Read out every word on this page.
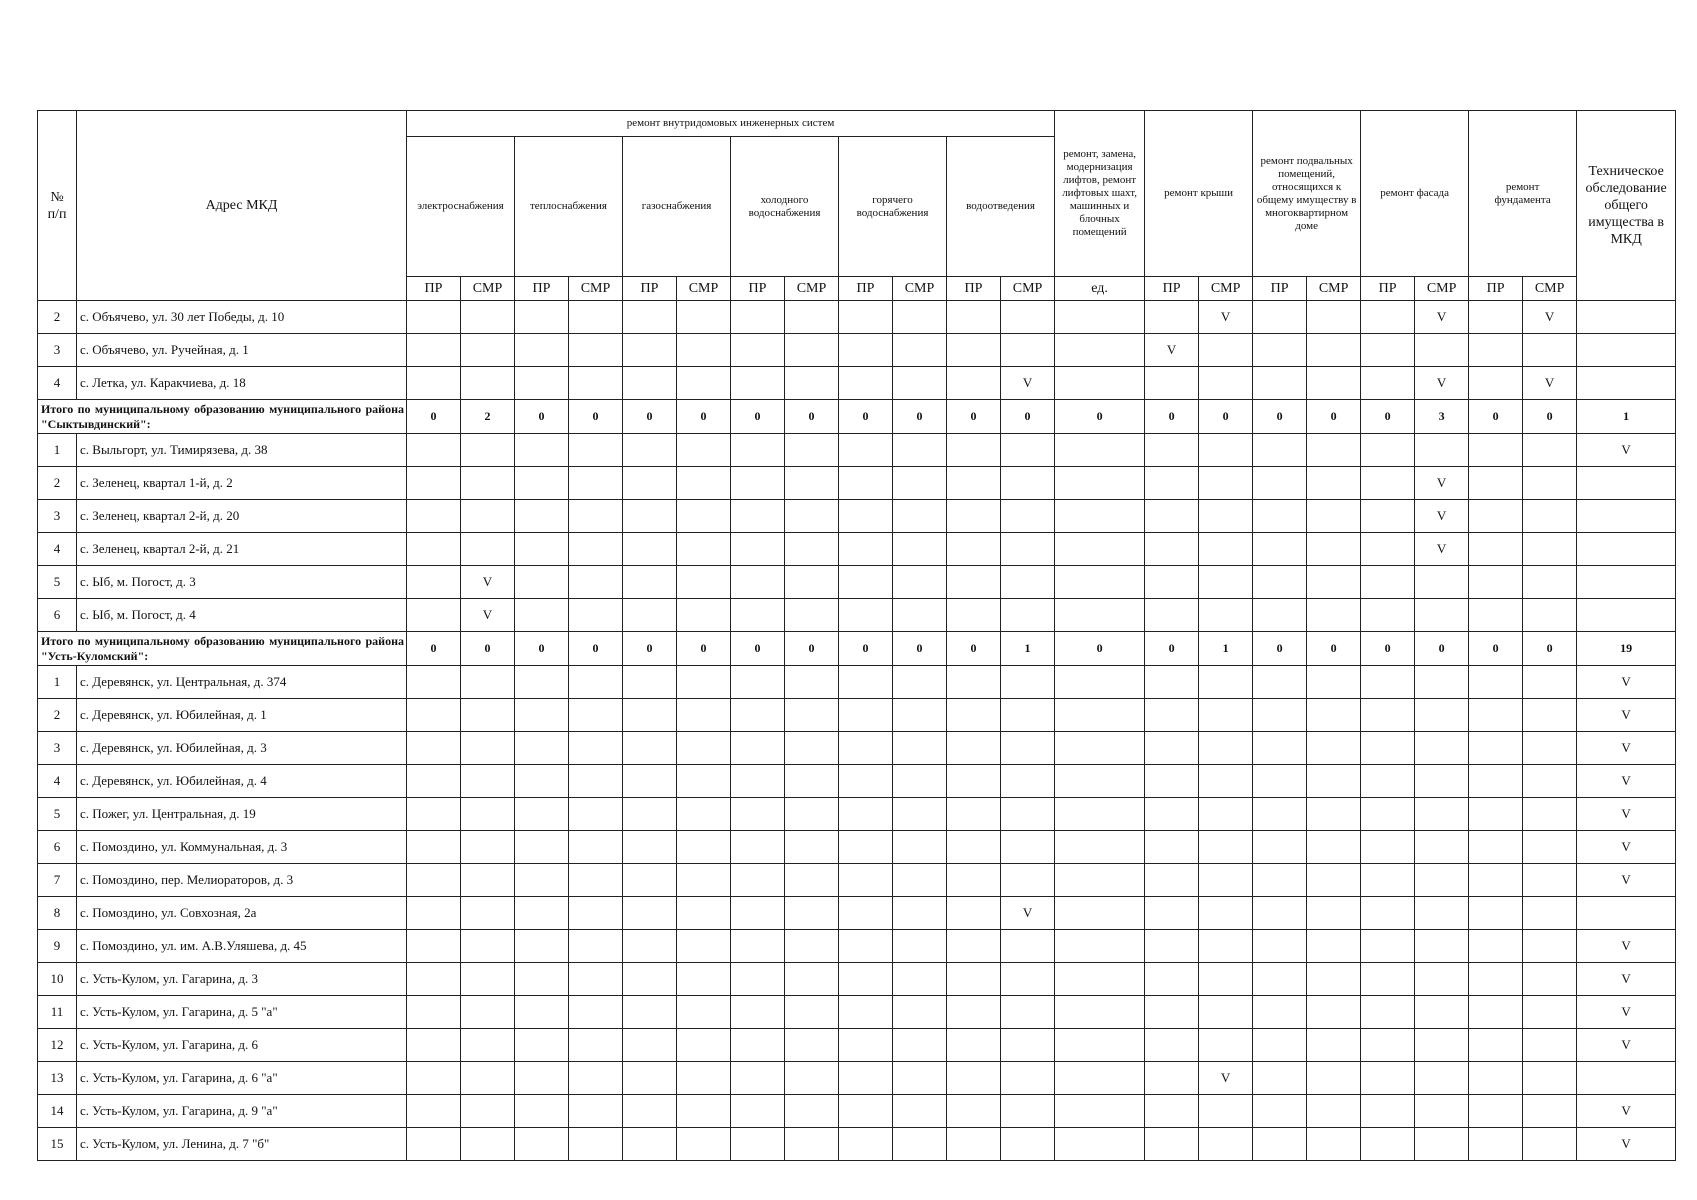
№ п/п	Адрес МКД	ремонт внутридомовых инженерных систем												ремонт, замена, модернизация лифтов, ремонт лифтовых шахт, машинных и блочных помещений	ремонт крыши		ремонт подвальных помещений, относящихся к общему имуществу в многоквартирном доме		ремонт фасада		ремонт фундамента		Техническое обследование общего имущества в МКД
		электроснабжения		теплоснабжения		газоснабжения		холодного водоснабжения		горячего водоснабжения		водоотведения											
		ПР	СМР	ПР	СМР	ПР	СМР	ПР	СМР	ПР	СМР	ПР	СМР	ед.	ПР	СМР	ПР	СМР	ПР	СМР	ПР	СМР	
2	с. Объячево, ул. 30 лет Победы, д. 10															V				V		V	
3	с. Объячево, ул. Ручейная, д. 1														V								
4	с. Летка, ул. Каракчиева, д. 18												V							V		V	
Итого по муниципальному образованию муниципального района "Сыктывдинский":		0	2	0	0	0	0	0	0	0	0	0	0	0	0	0	0	0	0	3	0	0	1
1	с. Выльгорт, ул. Тимирязева, д. 38																						V
2	с. Зеленец, квартал 1-й, д. 2																			V			
3	с. Зеленец, квартал 2-й, д. 20																			V			
4	с. Зеленец, квартал 2-й, д. 21																			V			
5	с. Ыб, м. Погост, д. 3		V																				
6	с. Ыб, м. Погост, д. 4		V																				
Итого по муниципальному образованию муниципального района "Усть-Куломский":		0	0	0	0	0	0	0	0	0	0	0	1	0	0	1	0	0	0	0	0	0	19
1	с. Деревянск, ул. Центральная, д. 374																						V
2	с. Деревянск, ул. Юбилейная, д. 1																						V
3	с. Деревянск, ул. Юбилейная, д. 3																						V
4	с. Деревянск, ул. Юбилейная, д. 4																						V
5	с. Пожег, ул. Центральная, д. 19																						V
6	с. Помоздино, ул. Коммунальная, д. 3																						V
7	с. Помоздино, пер. Мелиораторов, д. 3																						V
8	с. Помоздино, ул. Совхозная, 2а												V										
9	с. Помоздино, ул. им. А.В.Уляшева, д. 45																						V
10	с. Усть-Кулом, ул. Гагарина, д. 3																						V
11	с. Усть-Кулом, ул. Гагарина, д. 5 "а"																						V
12	с. Усть-Кулом, ул. Гагарина, д. 6																						V
13	с. Усть-Кулом, ул. Гагарина, д. 6 "а"															V							
14	с. Усть-Кулом, ул. Гагарина, д. 9 "а"																						V
15	с. Усть-Кулом, ул. Ленина, д. 7 "б"																						V
